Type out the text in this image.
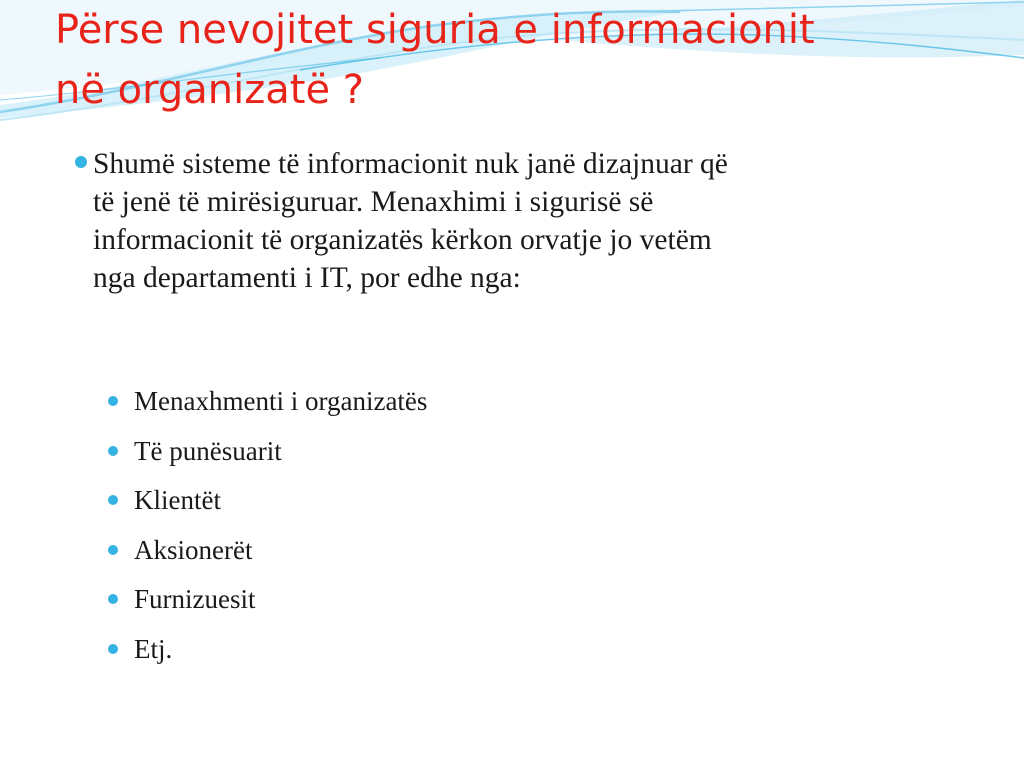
Përse nevojitet siguria e informacionit
në organizatë ?
Shumë sisteme të informacionit nuk janë dizajnuar që
të jenë të mirësiguruar. Menaxhimi i sigurisë së
informacionit të organizatës kërkon orvatje jo vetëm
nga departamenti i IT, por edhe nga:
Menaxhmenti i organizatës
Të punësuarit
Klientët
Aksionerët
Furnizuesit
Etj.
